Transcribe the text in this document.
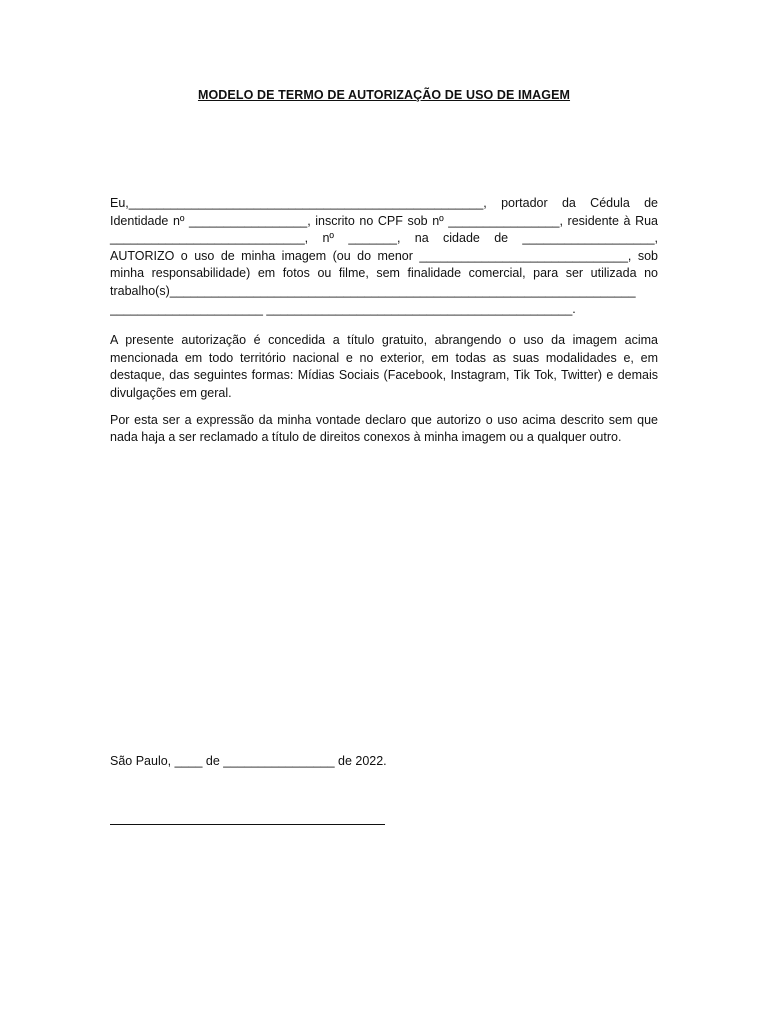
MODELO DE TERMO DE AUTORIZAÇÃO DE USO DE IMAGEM
Eu,___________________________________________________, portador da Cédula de
Identidade nº _________________, inscrito no CPF sob nº ________________, residente à Rua
____________________________, nº _______, na cidade de ___________________,
AUTORIZO o uso de minha imagem (ou do menor ______________________________, sob
minha responsabilidade) em fotos ou filme, sem finalidade comercial, para ser utilizada no
trabalho(s)___________________________________________________________________
______________________ ____________________________________________.

A presente autorização é concedida a título gratuito, abrangendo o uso da imagem acima mencionada em todo território nacional e no exterior, em todas as suas modalidades e, em destaque, das seguintes formas: Mídias Sociais (Facebook, Instagram, Tik Tok, Twitter) e demais divulgações em geral.

Por esta ser a expressão da minha vontade declaro que autorizo o uso acima descrito sem que nada haja a ser reclamado a título de direitos conexos à minha imagem ou a qualquer outro.

São Paulo, ____ de ________________ de 2022.
